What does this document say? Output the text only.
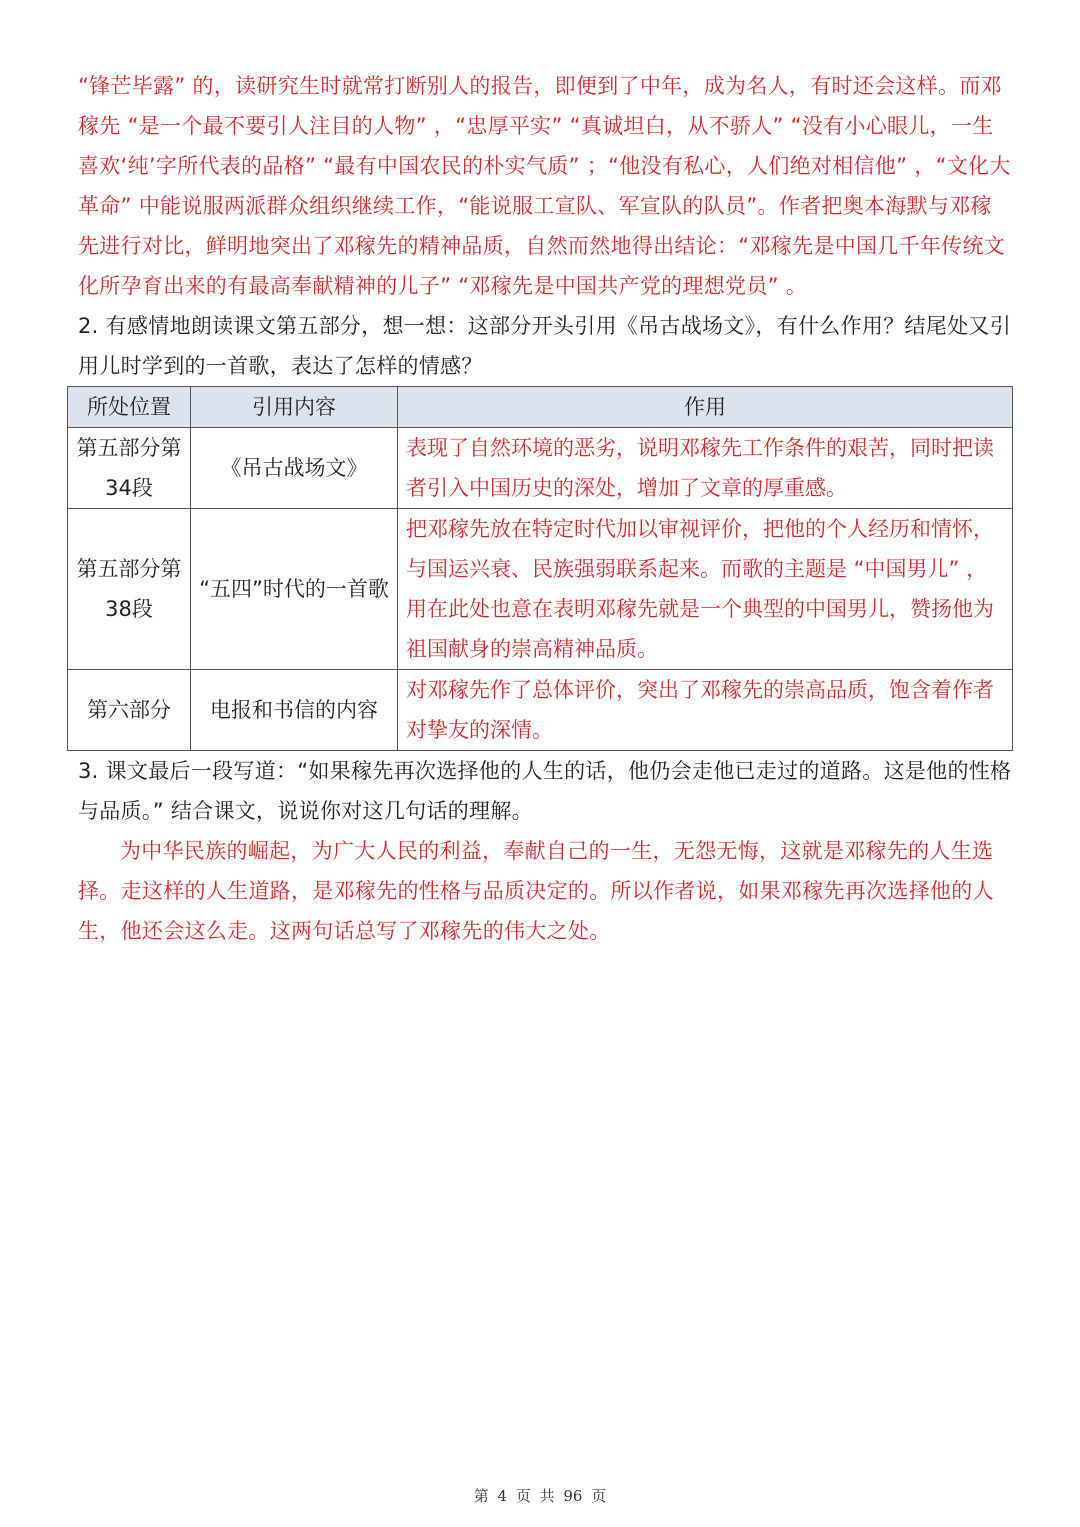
“锋芒毕露” 的，读研究生时就常打断别人的报告，即便到了中年，成为名人，有时还会这样。而邓稼先 “是一个最不要引人注目的人物” ，“忠厚平实” “真诚坦白，从不骄人” “没有小心眼儿，一生喜欢‘纯’字所代表的品格” “最有中国农民的朴实气质” ；“他没有私心，人们绝对相信他” ，“文化大革命” 中能说服两派群众组织继续工作，“能说服工宣队、军宣队的队员”。作者把奥本海默与邓稼先进行对比，鲜明地突出了邓稼先的精神品质，自然而然地得出结论：“邓稼先是中国几千年传统文化所孕育出来的有最高奉献精神的儿子” “邓稼先是中国共产党的理想党员” 。

2. 有感情地朗读课文第五部分，想一想：这部分开头引用《吊古战场文》，有什么作用？结尾处又引用儿时学到的一首歌，表达了怎样的情感？

所处位置	引用内容	作用
第五部分第34段	《吊古战场文》	表现了自然环境的恶劣，说明邓稼先工作条件的艰苦，同时把读者引入中国历史的深处，增加了文章的厚重感。
第五部分第38段	“五四”时代的一首歌	把邓稼先放在特定时代加以审视评价，把他的个人经历和情怀，与国运兴衰、民族强弱联系起来。而歌的主题是 “中国男儿” ，用在此处也意在表明邓稼先就是一个典型的中国男儿，赞扬他为祖国献身的崇高精神品质。
第六部分	电报和书信的内容	对邓稼先作了总体评价，突出了邓稼先的崇高品质，饱含着作者对挚友的深情。

3. 课文最后一段写道：“如果稼先再次选择他的人生的话，他仍会走他已走过的道路。这是他的性格与品质。” 结合课文，说说你对这几句话的理解。

为中华民族的崛起，为广大人民的利益，奉献自己的一生，无怨无悔，这就是邓稼先的人生选择。走这样的人生道路，是邓稼先的性格与品质决定的。所以作者说，如果邓稼先再次选择他的人生，他还会这么走。这两句话总写了邓稼先的伟大之处。

第 4 页 共 96 页
